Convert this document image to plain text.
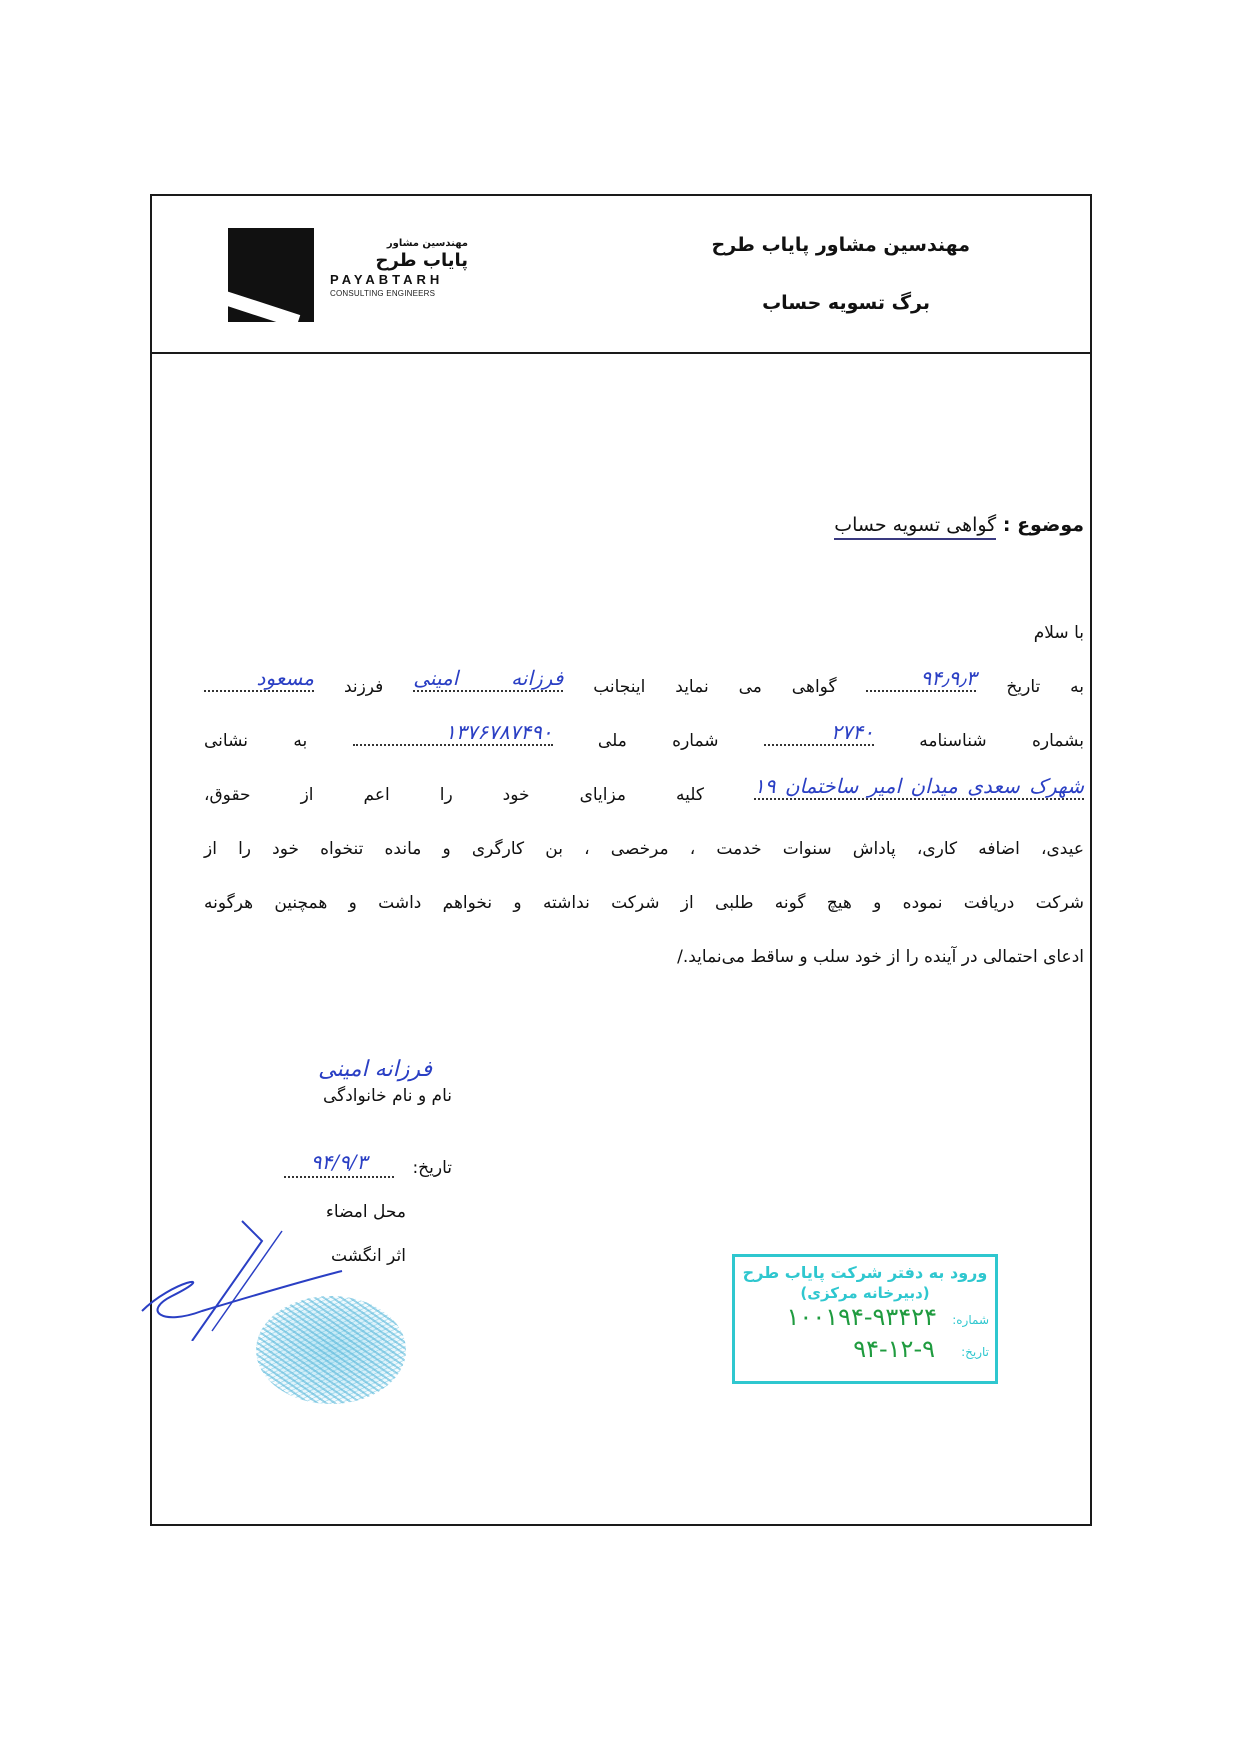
مهندسین مشاور
پایاب طرح
PAYABTARH
CONSULTING ENGINEERS
مهندسین مشاور پایاب طرح
برگ تسویه حساب
موضوع : گواهی تسویه حساب
با سلام
به تاریخ
۹۴٫۹٫۳
گواهی می نماید اینجانب
فرزانه امینی
فرزند
مسعود
بشماره شناسنامه
۲۷۴۰
شماره ملی
۱۳۷۶۷۸۷۴۹۰
به نشانی
شهرک سعدی میدان امیر ساختمان ۱۹
کلیه مزایای خود را اعم از حقوق،
عیدی، اضافه کاری، پاداش سنوات خدمت ، مرخصی ، بن کارگری و مانده تنخواه خود را از
شرکت دریافت نموده و هیچ گونه طلبی از شرکت نداشته و نخواهم داشت و همچنین هرگونه
ادعای احتمالی در آینده را از خود سلب و ساقط می‌نماید./
فرزانه امینی
نام و نام خانوادگی
تاریخ:
۹۴/۹/۳
محل امضاء
اثر انگشت
ورود به دفتر شرکت پایاب طرح
(دبیرخانه مرکزی)
شماره:
۱۰۰۱۹۴-۹۳۴۲۴
تاریخ:
۹۴-۱۲-۹
